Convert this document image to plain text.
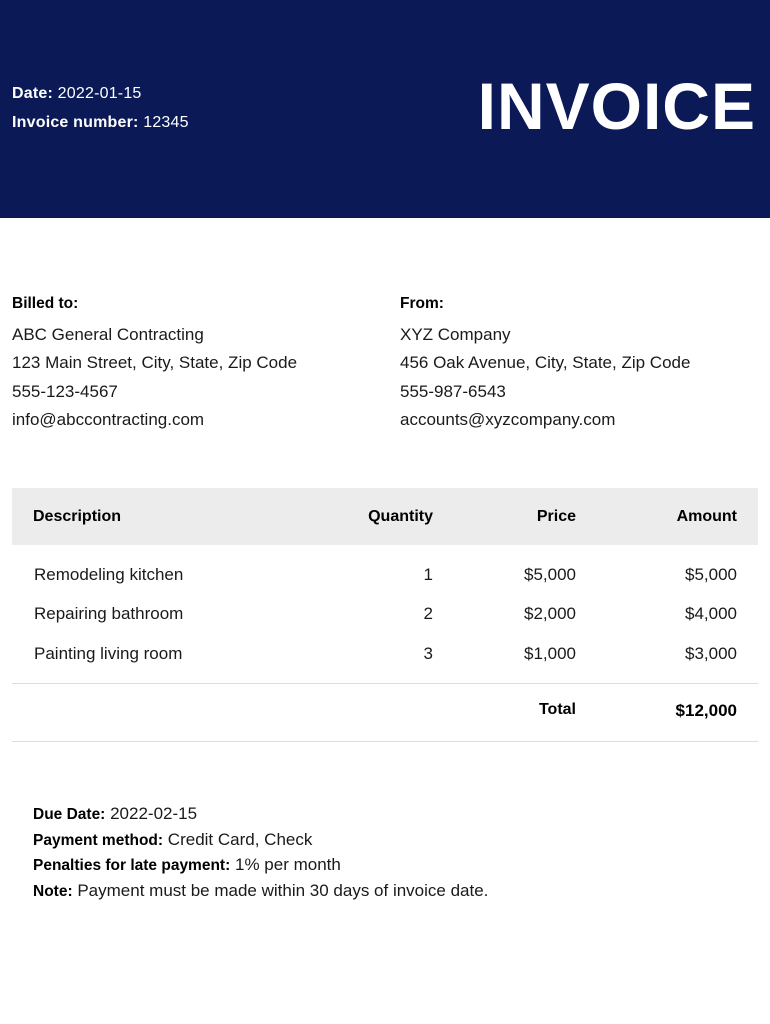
Date: 2022-01-15
Invoice number: 12345	INVOICE
Billed to:
ABC General Contracting
123 Main Street, City, State, Zip Code
555-123-4567
info@abccontracting.com
From:
XYZ Company
456 Oak Avenue, City, State, Zip Code
555-987-6543
accounts@xyzcompany.com
Description	Quantity	Price	Amount
Remodeling kitchen	1	$5,000	$5,000
Repairing bathroom	2	$2,000	$4,000
Painting living room	3	$1,000	$3,000
Total	$12,000
Due Date: 2022-02-15
Payment method: Credit Card, Check
Penalties for late payment: 1% per month
Note: Payment must be made within 30 days of invoice date.
